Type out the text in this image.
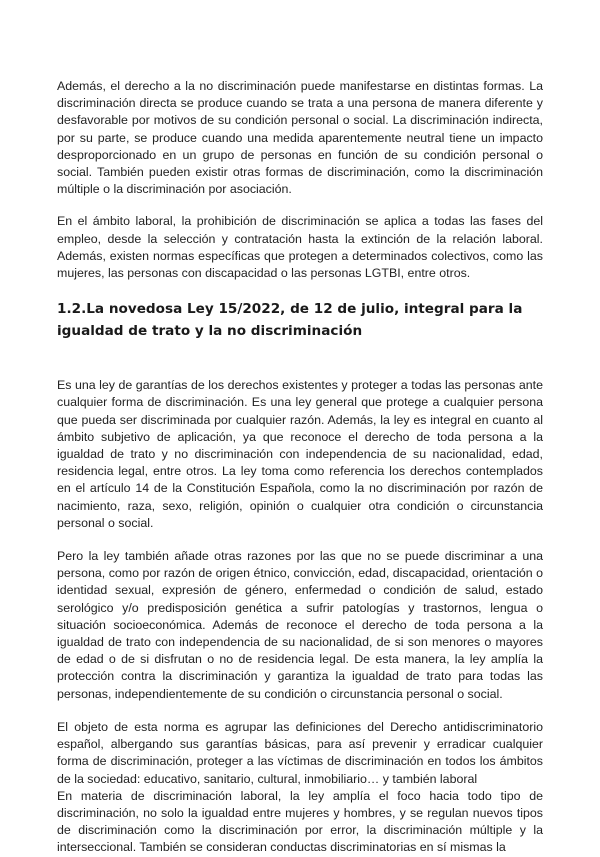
Además, el derecho a la no discriminación puede manifestarse en distintas formas. La discriminación directa se produce cuando se trata a una persona de manera diferente y desfavorable por motivos de su condición personal o social. La discriminación indirecta, por su parte, se produce cuando una medida aparentemente neutral tiene un impacto desproporcionado en un grupo de personas en función de su condición personal o social. También pueden existir otras formas de discriminación, como la discriminación múltiple o la discriminación por asociación.

En el ámbito laboral, la prohibición de discriminación se aplica a todas las fases del empleo, desde la selección y contratación hasta la extinción de la relación laboral. Además, existen normas específicas que protegen a determinados colectivos, como las mujeres, las personas con discapacidad o las personas LGTBI, entre otros.

1.2.La novedosa Ley 15/2022, de 12 de julio, integral para la igualdad de trato y la no discriminación

Es una ley de garantías de los derechos existentes y proteger a todas las personas ante cualquier forma de discriminación. Es una ley general que protege a cualquier persona que pueda ser discriminada por cualquier razón. Además, la ley es integral en cuanto al ámbito subjetivo de aplicación, ya que reconoce el derecho de toda persona a la igualdad de trato y no discriminación con independencia de su nacionalidad, edad, residencia legal, entre otros. La ley toma como referencia los derechos contemplados en el artículo 14 de la Constitución Española, como la no discriminación por razón de nacimiento, raza, sexo, religión, opinión o cualquier otra condición o circunstancia personal o social.

Pero la ley también añade otras razones por las que no se puede discriminar a una persona, como por razón de origen étnico, convicción, edad, discapacidad, orientación o identidad sexual, expresión de género, enfermedad o condición de salud, estado serológico y/o predisposición genética a sufrir patologías y trastornos, lengua o situación socioeconómica. Además de reconoce el derecho de toda persona a la igualdad de trato con independencia de su nacionalidad, de si son menores o mayores de edad o de si disfrutan o no de residencia legal. De esta manera, la ley amplía la protección contra la discriminación y garantiza la igualdad de trato para todas las personas, independientemente de su condición o circunstancia personal o social.

El objeto de esta norma es agrupar las definiciones del Derecho antidiscriminatorio español, albergando sus garantías básicas, para así prevenir y erradicar cualquier forma de discriminación, proteger a las víctimas de discriminación en todos los ámbitos de la sociedad: educativo, sanitario, cultural, inmobiliario… y también laboral

En materia de discriminación laboral, la ley amplía el foco hacia todo tipo de discriminación, no solo la igualdad entre mujeres y hombres, y se regulan nuevos tipos de discriminación como la discriminación por error, la discriminación múltiple y la interseccional. También se consideran conductas discriminatorias en sí mismas la
